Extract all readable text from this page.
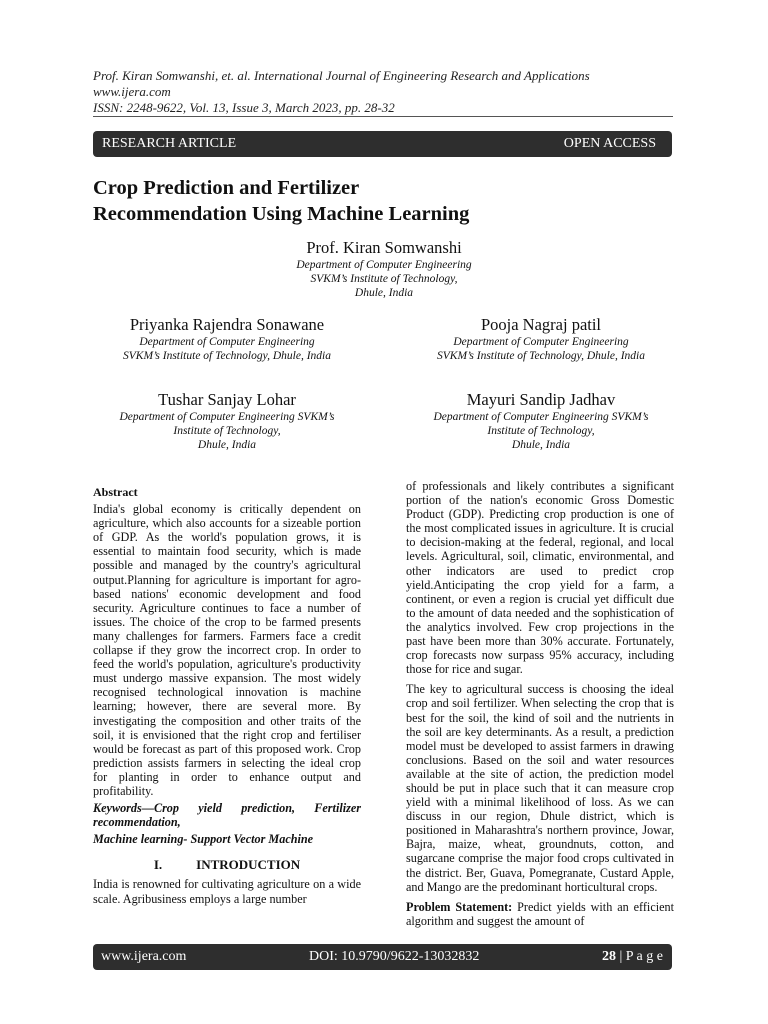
Prof. Kiran Somwanshi, et. al. International Journal of Engineering Research and Applications
www.ijera.com
ISSN: 2248-9622, Vol. 13, Issue 3, March 2023, pp. 28-32
RESEARCH ARTICLE	OPEN ACCESS
Crop Prediction and Fertilizer
Recommendation Using Machine Learning
Prof. Kiran Somwanshi
Department of Computer Engineering
SVKM’s Institute of Technology,
Dhule, India
Priyanka Rajendra Sonawane
Department of Computer Engineering
SVKM’s Institute of Technology, Dhule, India
Pooja Nagraj patil
Department of Computer Engineering
SVKM’s Institute of Technology, Dhule, India
Tushar Sanjay Lohar
Department of Computer Engineering SVKM’s
Institute of Technology,
Dhule, India
Mayuri Sandip Jadhav
Department of Computer Engineering SVKM’s
Institute of Technology,
Dhule, India

Abstract

India's global economy is critically dependent on agriculture, which also accounts for a sizeable portion of GDP. As the world's population grows, it is essential to maintain food security, which is made possible and managed by the country's agricultural output.Planning for agriculture is important for agro-based nations' economic development and food security. Agriculture continues to face a number of issues. The choice of the crop to be farmed presents many challenges for farmers. Farmers face a credit collapse if they grow the incorrect crop. In order to feed the world's population, agriculture's productivity must undergo massive expansion. The most widely recognised technological innovation is machine learning; however, there are several more. By investigating the composition and other traits of the soil, it is envisioned that the right crop and fertiliser would be forecast as part of this proposed work. Crop prediction assists farmers in selecting the ideal crop for planting in order to enhance output and profitability.

Keywords—Crop yield prediction, Fertilizer recommendation,

Machine learning- Support Vector Machine

I.	INTRODUCTION

India is renowned for cultivating agriculture on a wide scale. Agribusiness employs a large number

of professionals and likely contributes a significant portion of the nation's economic Gross Domestic Product (GDP). Predicting crop production is one of the most complicated issues in agriculture. It is crucial to decision-making at the federal, regional, and local levels. Agricultural, soil, climatic, environmental, and other indicators are used to predict crop yield.Anticipating the crop yield for a farm, a continent, or even a region is crucial yet difficult due to the amount of data needed and the sophistication of the analytics involved. Few crop projections in the past have been more than 30% accurate. Fortunately, crop forecasts now surpass 95% accuracy, including those for rice and sugar.

The key to agricultural success is choosing the ideal crop and soil fertilizer. When selecting the crop that is best for the soil, the kind of soil and the nutrients in the soil are key determinants. As a result, a prediction model must be developed to assist farmers in drawing conclusions. Based on the soil and water resources available at the site of action, the prediction model should be put in place such that it can measure crop yield with a minimal likelihood of loss. As we can discuss in our region, Dhule district, which is positioned in Maharashtra's northern province, Jowar, Bajra, maize, wheat, groundnuts, cotton, and sugarcane comprise the major food crops cultivated in the district. Ber, Guava, Pomegranate, Custard Apple, and Mango are the predominant horticultural crops.

Problem Statement: Predict yields with an efficient algorithm and suggest the amount of

www.ijera.com	DOI: 10.9790/9622-13032832	28 | P a g e
